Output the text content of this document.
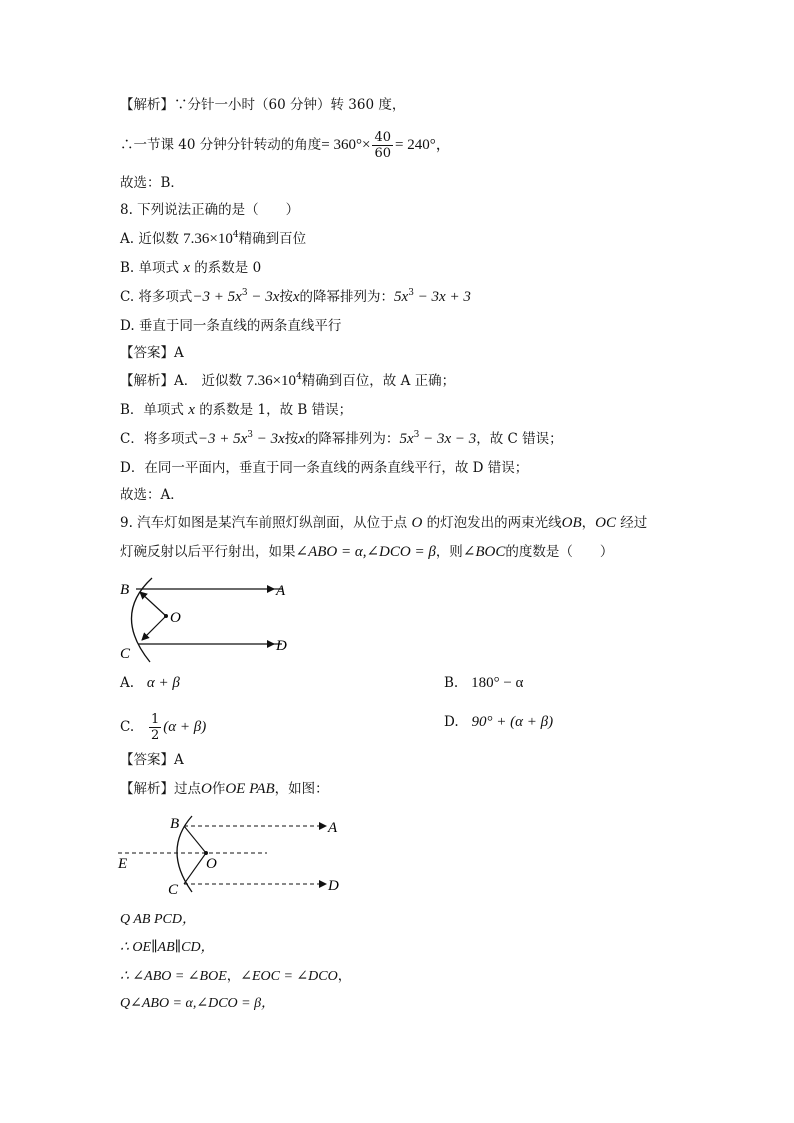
【解析】∵分针一小时（60 分钟）转 360 度，
∴一节课 40 分钟分针转动的角度= $360^\circ\times \frac{40}{60} = 240^\circ$，
故选：B．
8. 下列说法正确的是（　　）
A. 近似数 $7.36\times 10^4$精确到百位
B. 单项式 x 的系数是 0
C. 将多项式$-3 + 5x^3 - 3x$按x的降幂排列为：$5x^3 - 3x + 3$
D. 垂直于同一条直线的两条直线平行
【答案】A
【解析】A． 近似数 $7.36\times 10^4$精确到百位，故 A 正确；
B．单项式 x 的系数是 1，故 B 错误；
C．将多项式$-3 + 5x^3 - 3x$按x的降幂排列为：$5x^3 - 3x - 3$，故 C 错误；
D．在同一平面内，垂直于同一条直线的两条直线平行，故 D 错误；
故选：A．
9. 汽车灯如图是某汽车前照灯纵剖面，从位于点 O 的灯泡发出的两束光线OB，OC 经过
灯碗反射以后平行射出，如果∠ABO = α,∠DCO = β，则∠BOC的度数是（　　）
B	A
O
C	D
A. α + β	B. 180° − α
C. $\frac{1}{2} (\alpha + \beta)$	D. 90° + (α + β)
【答案】A
【解析】过点O作OE PAB，如图：
B	A
E	O
C	D
Q AB PCD，
∴ OE∥AB∥CD，
∴ ∠ABO = ∠BOE，∠EOC = ∠DCO，
Q∠ABO = α,∠DCO = β，
